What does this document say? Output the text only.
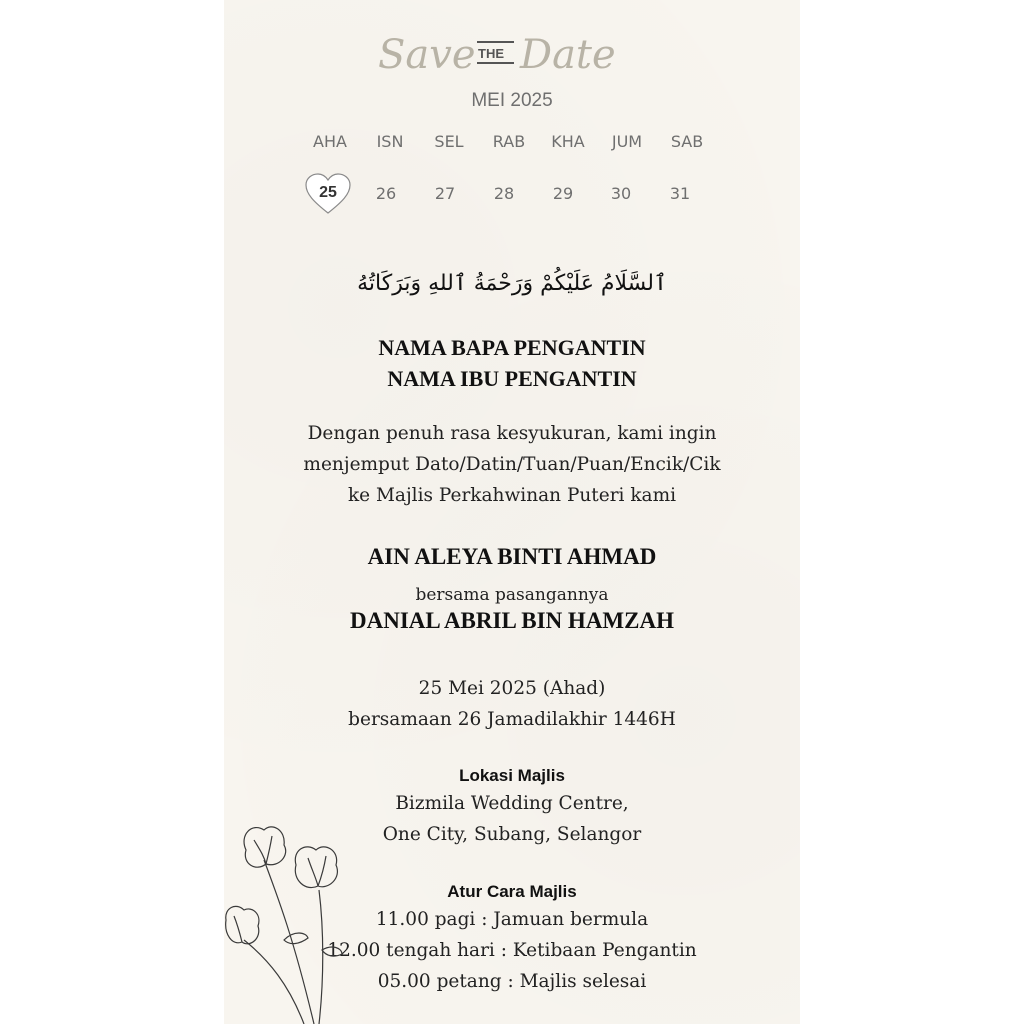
Save THE Date
MEI 2025
AHA	ISN	SEL	RAB	KHA	JUM	SAB
25	26	27	28	29	30	31
ٱلسَّلَامُ عَلَيْكُمْ وَرَحْمَةُ ٱللهِ وَبَرَكَاتُهُ
NAMA BAPA PENGANTIN
NAMA IBU PENGANTIN
Dengan penuh rasa kesyukuran, kami ingin
menjemput Dato/Datin/Tuan/Puan/Encik/Cik
ke Majlis Perkahwinan Puteri kami
AIN ALEYA BINTI AHMAD
bersama pasangannya
DANIAL ABRIL BIN HAMZAH
25 Mei 2025 (Ahad)
bersamaan 26 Jamadilakhir 1446H
Lokasi Majlis
Bizmila Wedding Centre,
One City, Subang, Selangor
Atur Cara Majlis
11.00 pagi : Jamuan bermula
12.00 tengah hari : Ketibaan Pengantin
05.00 petang : Majlis selesai
